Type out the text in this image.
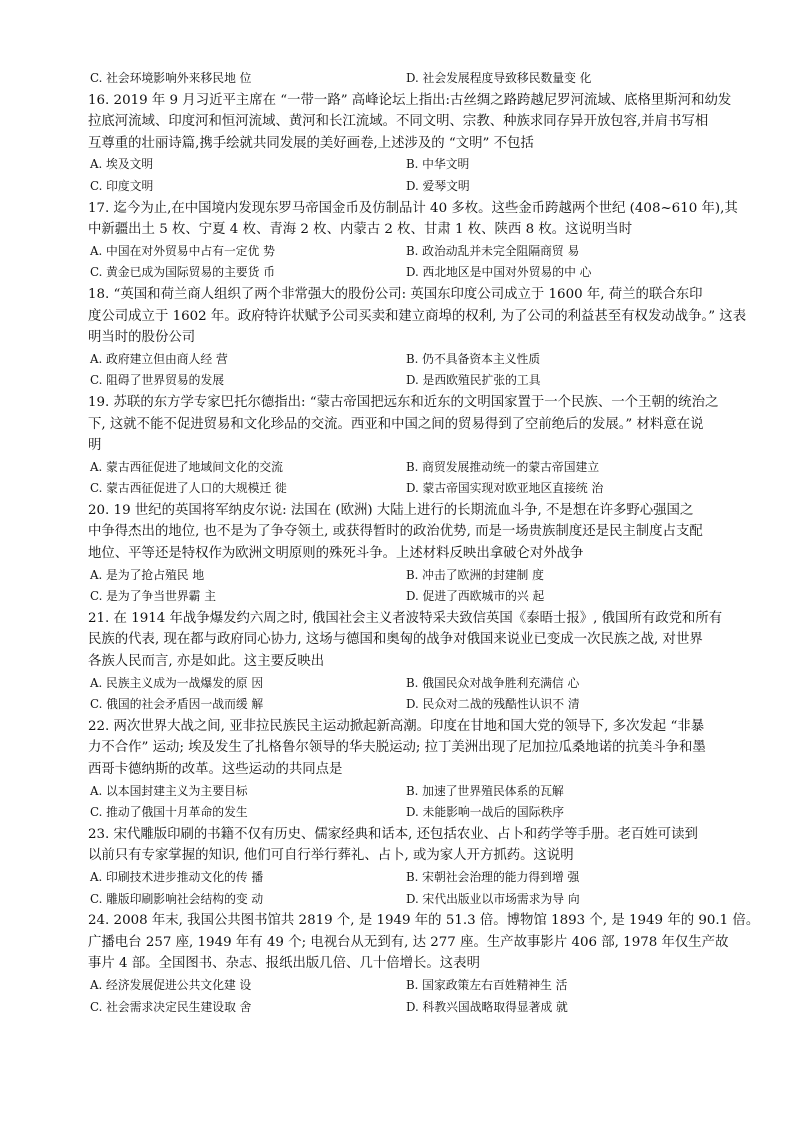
C. 社会环境影响外来移民地 位	D. 社会发展程度导致移民数量变 化
16. 2019 年 9 月习近平主席在 “一带一路” 高峰论坛上指出:古丝绸之路跨越尼罗河流域、底格里斯河和幼发
拉底河流域、印度河和恒河流域、黄河和长江流域。不同文明、宗教、种族求同存异开放包容,并肩书写相
互尊重的壮丽诗篇,携手绘就共同发展的美好画卷,上述涉及的 “文明” 不包括
A. 埃及文明	B. 中华文明
C. 印度文明	D. 爱琴文明
17. 迄今为止,在中国境内发现东罗马帝国金币及仿制品计 40 多枚。这些金币跨越两个世纪 (408~610 年),其
中新疆出土 5 枚、宁夏 4 枚、青海 2 枚、内蒙古 2 枚、甘肃 1 枚、陕西 8 枚。这说明当时
A. 中国在对外贸易中占有一定优 势	B. 政治动乱并未完全阻隔商贸 易
C. 黄金已成为国际贸易的主要货 币	D. 西北地区是中国对外贸易的中 心
18. “英国和荷兰商人组织了两个非常强大的股份公司: 英国东印度公司成立于 1600 年, 荷兰的联合东印
度公司成立于 1602 年。政府特许状赋予公司买卖和建立商埠的权利, 为了公司的利益甚至有权发动战争。” 这表
明当时的股份公司
A. 政府建立但由商人经 营	B. 仍不具备资本主义性质
C. 阻碍了世界贸易的发展	D. 是西欧殖民扩张的工具
19. 苏联的东方学专家巴托尔德指出: “蒙古帝国把远东和近东的文明国家置于一个民族、一个王朝的统治之
下, 这就不能不促进贸易和文化珍品的交流。西亚和中国之间的贸易得到了空前绝后的发展。” 材料意在说
明
A. 蒙古西征促进了地域间文化的交流	B. 商贸发展推动统一的蒙古帝国建立
C. 蒙古西征促进了人口的大规模迁 徙	D. 蒙古帝国实现对欧亚地区直接统 治
20. 19 世纪的英国将军纳皮尔说: 法国在 (欧洲) 大陆上进行的长期流血斗争, 不是想在许多野心强国之
中争得杰出的地位, 也不是为了争夺领土, 或获得暂时的政治优势, 而是一场贵族制度还是民主制度占支配
地位、平等还是特权作为欧洲文明原则的殊死斗争。上述材料反映出拿破仑对外战争
A. 是为了抢占殖民 地	B. 冲击了欧洲的封建制 度
C. 是为了争当世界霸 主	D. 促进了西欧城市的兴 起
21. 在 1914 年战争爆发约六周之时, 俄国社会主义者波特采夫致信英国《泰晤士报》, 俄国所有政党和所有
民族的代表, 现在都与政府同心协力, 这场与德国和奥匈的战争对俄国来说业已变成一次民族之战, 对世界
各族人民而言, 亦是如此。这主要反映出
A. 民族主义成为一战爆发的原 因	B. 俄国民众对战争胜利充满信 心
C. 俄国的社会矛盾因一战而缓 解	D. 民众对二战的残酷性认识不 清
22. 两次世界大战之间, 亚非拉民族民主运动掀起新高潮。印度在甘地和国大党的领导下, 多次发起 “非暴
力不合作” 运动; 埃及发生了扎格鲁尔领导的华夫脱运动; 拉丁美洲出现了尼加拉瓜桑地诺的抗美斗争和墨
西哥卡德纳斯的改革。这些运动的共同点是
A. 以本国封建主义为主要目标	B. 加速了世界殖民体系的瓦解
C. 推动了俄国十月革命的发生	D. 未能影响一战后的国际秩序
23. 宋代雕版印刷的书籍不仅有历史、儒家经典和话本, 还包括农业、占卜和药学等手册。老百姓可读到
以前只有专家掌握的知识, 他们可自行举行葬礼、占卜, 或为家人开方抓药。这说明
A. 印刷技术进步推动文化的传 播	B. 宋朝社会治理的能力得到增 强
C. 雕版印刷影响社会结构的变 动	D. 宋代出版业以市场需求为导 向
24. 2008 年末, 我国公共图书馆共 2819 个, 是 1949 年的 51.3 倍。博物馆 1893 个, 是 1949 年的 90.1 倍。
广播电台 257 座, 1949 年有 49 个; 电视台从无到有, 达 277 座。生产故事影片 406 部, 1978 年仅生产故
事片 4 部。全国图书、杂志、报纸出版几倍、几十倍增长。这表明
A. 经济发展促进公共文化建 设	B. 国家政策左右百姓精神生 活
C. 社会需求决定民生建设取 舍	D. 科教兴国战略取得显著成 就
